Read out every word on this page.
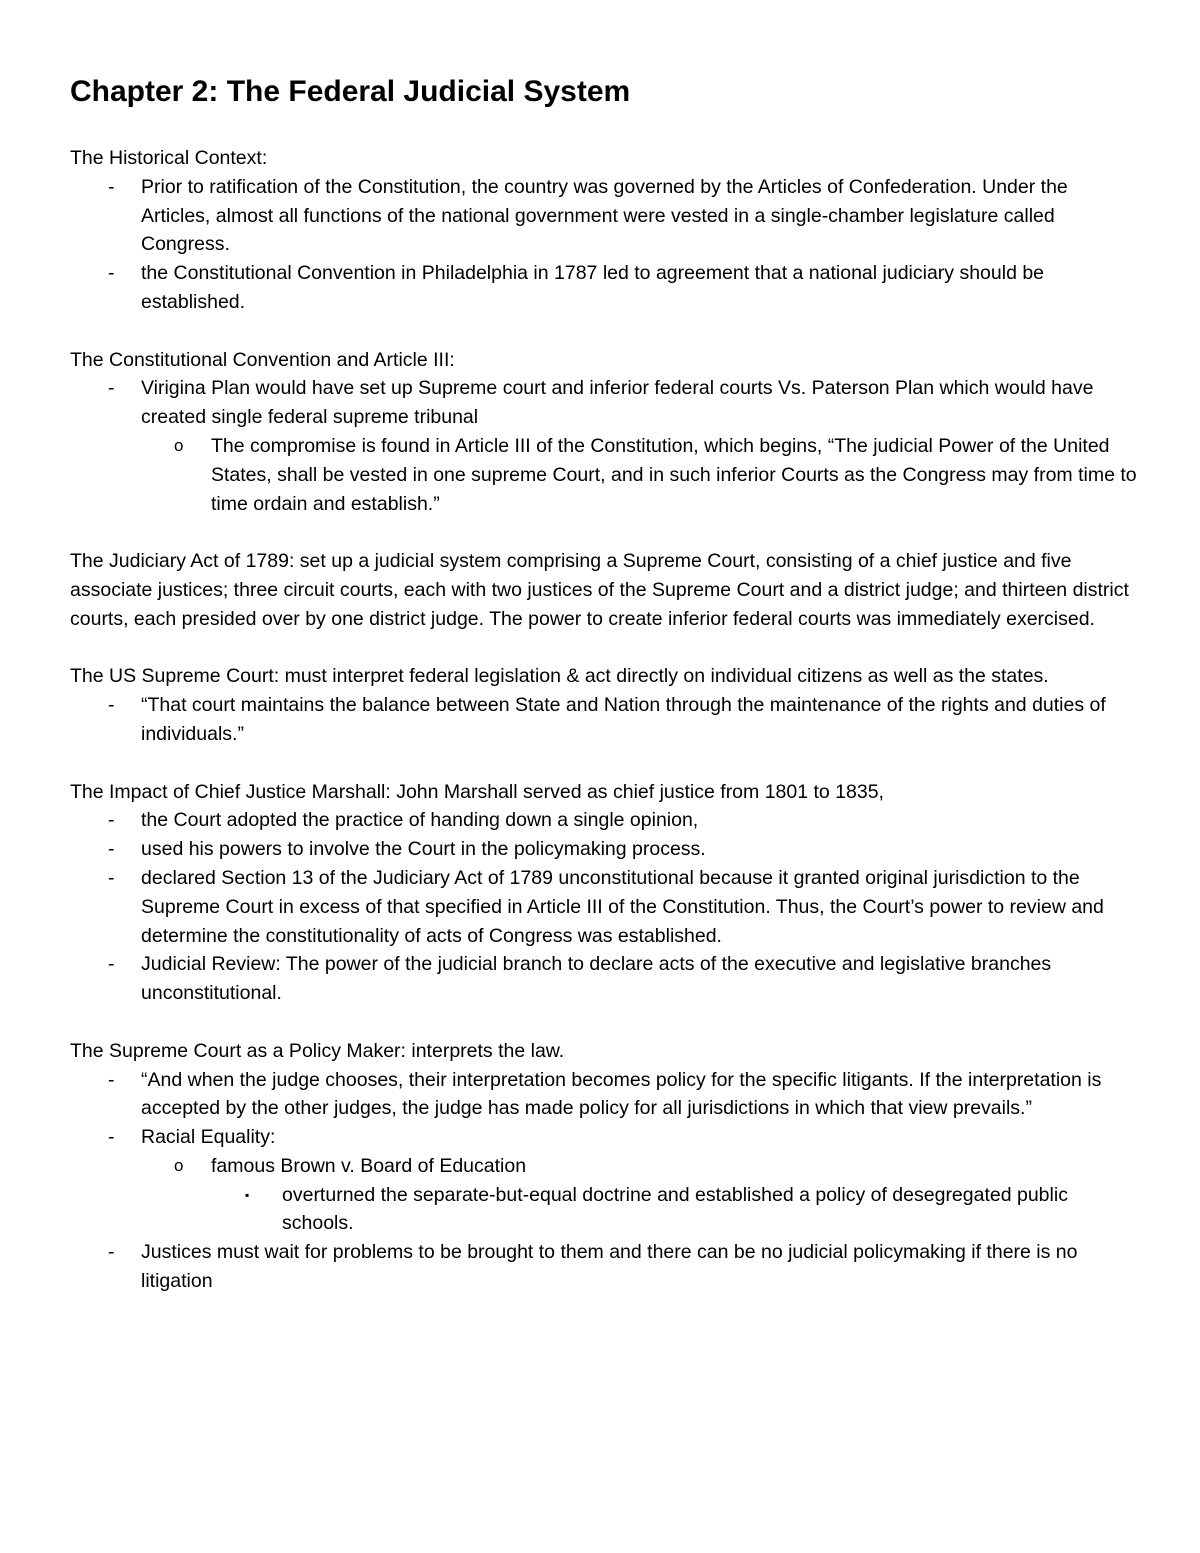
Chapter 2: The Federal Judicial System

The Historical Context:

- Prior to ratification of the Constitution, the country was governed by the Articles of Confederation. Under the Articles, almost all functions of the national government were vested in a single-chamber legislature called Congress.
- the Constitutional Convention in Philadelphia in 1787 led to agreement that a national judiciary should be established.

The Constitutional Convention and Article III:

- Virigina Plan would have set up Supreme court and inferior federal courts Vs. Paterson Plan which would have created single federal supreme tribunal
o The compromise is found in Article III of the Constitution, which begins, “The judicial Power of the United States, shall be vested in one supreme Court, and in such inferior Courts as the Congress may from time to time ordain and establish.”

The Judiciary Act of 1789: set up a judicial system comprising a Supreme Court, consisting of a chief justice and five associate justices; three circuit courts, each with two justices of the Supreme Court and a district judge; and thirteen district courts, each presided over by one district judge. The power to create inferior federal courts was immediately exercised.

The US Supreme Court: must interpret federal legislation & act directly on individual citizens as well as the states.

- “That court maintains the balance between State and Nation through the maintenance of the rights and duties of individuals.”

The Impact of Chief Justice Marshall: John Marshall served as chief justice from 1801 to 1835,

- the Court adopted the practice of handing down a single opinion,
- used his powers to involve the Court in the policymaking process.
- declared Section 13 of the Judiciary Act of 1789 unconstitutional because it granted original jurisdiction to the Supreme Court in excess of that specified in Article III of the Constitution. Thus, the Court’s power to review and determine the constitutionality of acts of Congress was established.
- Judicial Review: The power of the judicial branch to declare acts of the executive and legislative branches unconstitutional.

The Supreme Court as a Policy Maker: interprets the law.

- “And when the judge chooses, their interpretation becomes policy for the specific litigants. If the interpretation is accepted by the other judges, the judge has made policy for all jurisdictions in which that view prevails.”
- Racial Equality:
o famous Brown v. Board of Education
▪ overturned the separate-but-equal doctrine and established a policy of desegregated public schools.
- Justices must wait for problems to be brought to them and there can be no judicial policymaking if there is no litigation
